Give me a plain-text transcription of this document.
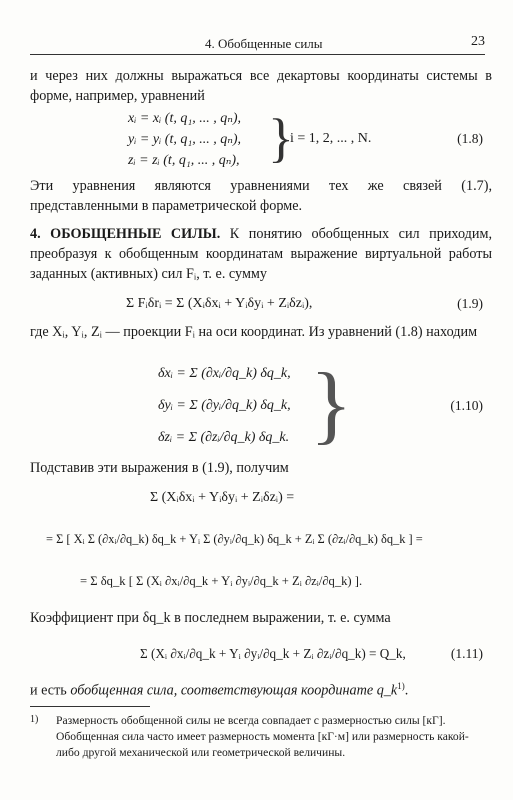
4. Обобщенные силы	23

и через них должны выражаться все декартовы координаты системы в форме, например, уравнений

xᵢ = xᵢ (t, q₁, ... , qₙ),
yᵢ = yᵢ (t, q₁, ... , qₙ),
zᵢ = zᵢ (t, q₁, ... , qₙ), }
i = 1, 2, ... , N.	(1.8)

Эти уравнения являются уравнениями тех же связей (1.7), представленными в параметрической форме.

4. ОБОБЩЕННЫЕ СИЛЫ. К понятию обобщенных сил приходим, преобразуя к обобщенным координатам выражение виртуальной работы заданных (активных) сил Fᵢ, т. е. сумму

Σ Fᵢδrᵢ = Σ (Xᵢδxᵢ + Yᵢδyᵢ + Zᵢδzᵢ),	(1.9)

где Xᵢ, Yᵢ, Zᵢ — проекции Fᵢ на оси координат. Из уравнений (1.8) находим

δxᵢ = Σ (∂xᵢ/∂q_k) δq_k,
δyᵢ = Σ (∂yᵢ/∂q_k) δq_k,
δzᵢ = Σ (∂zᵢ/∂q_k) δq_k. }	(1.10)

Подставив эти выражения в (1.9), получим

Σ (Xᵢδxᵢ + Yᵢδyᵢ + Zᵢδzᵢ) =
= Σ [ Xᵢ Σ (∂xᵢ/∂q_k) δq_k + Yᵢ Σ (∂yᵢ/∂q_k) δq_k + Zᵢ Σ (∂zᵢ/∂q_k) δq_k ] =
= Σ δq_k [ Σ (Xᵢ ∂xᵢ/∂q_k + Yᵢ ∂yᵢ/∂q_k + Zᵢ ∂zᵢ/∂q_k) ].

Коэффициент при δq_k в последнем выражении, т. е. сумма

Σ (Xᵢ ∂xᵢ/∂q_k + Yᵢ ∂yᵢ/∂q_k + Zᵢ ∂zᵢ/∂q_k) = Q_k,	(1.11)

и есть обобщенная сила, соответствующая координате $q\_k^{1)}$.

1) Размерность обобщенной силы не всегда совпадает с размерностью силы [кГ]. Обобщенная сила часто имеет размерность момента [кГ·м] или размерность какой-либо другой механической или геометрической величины.
